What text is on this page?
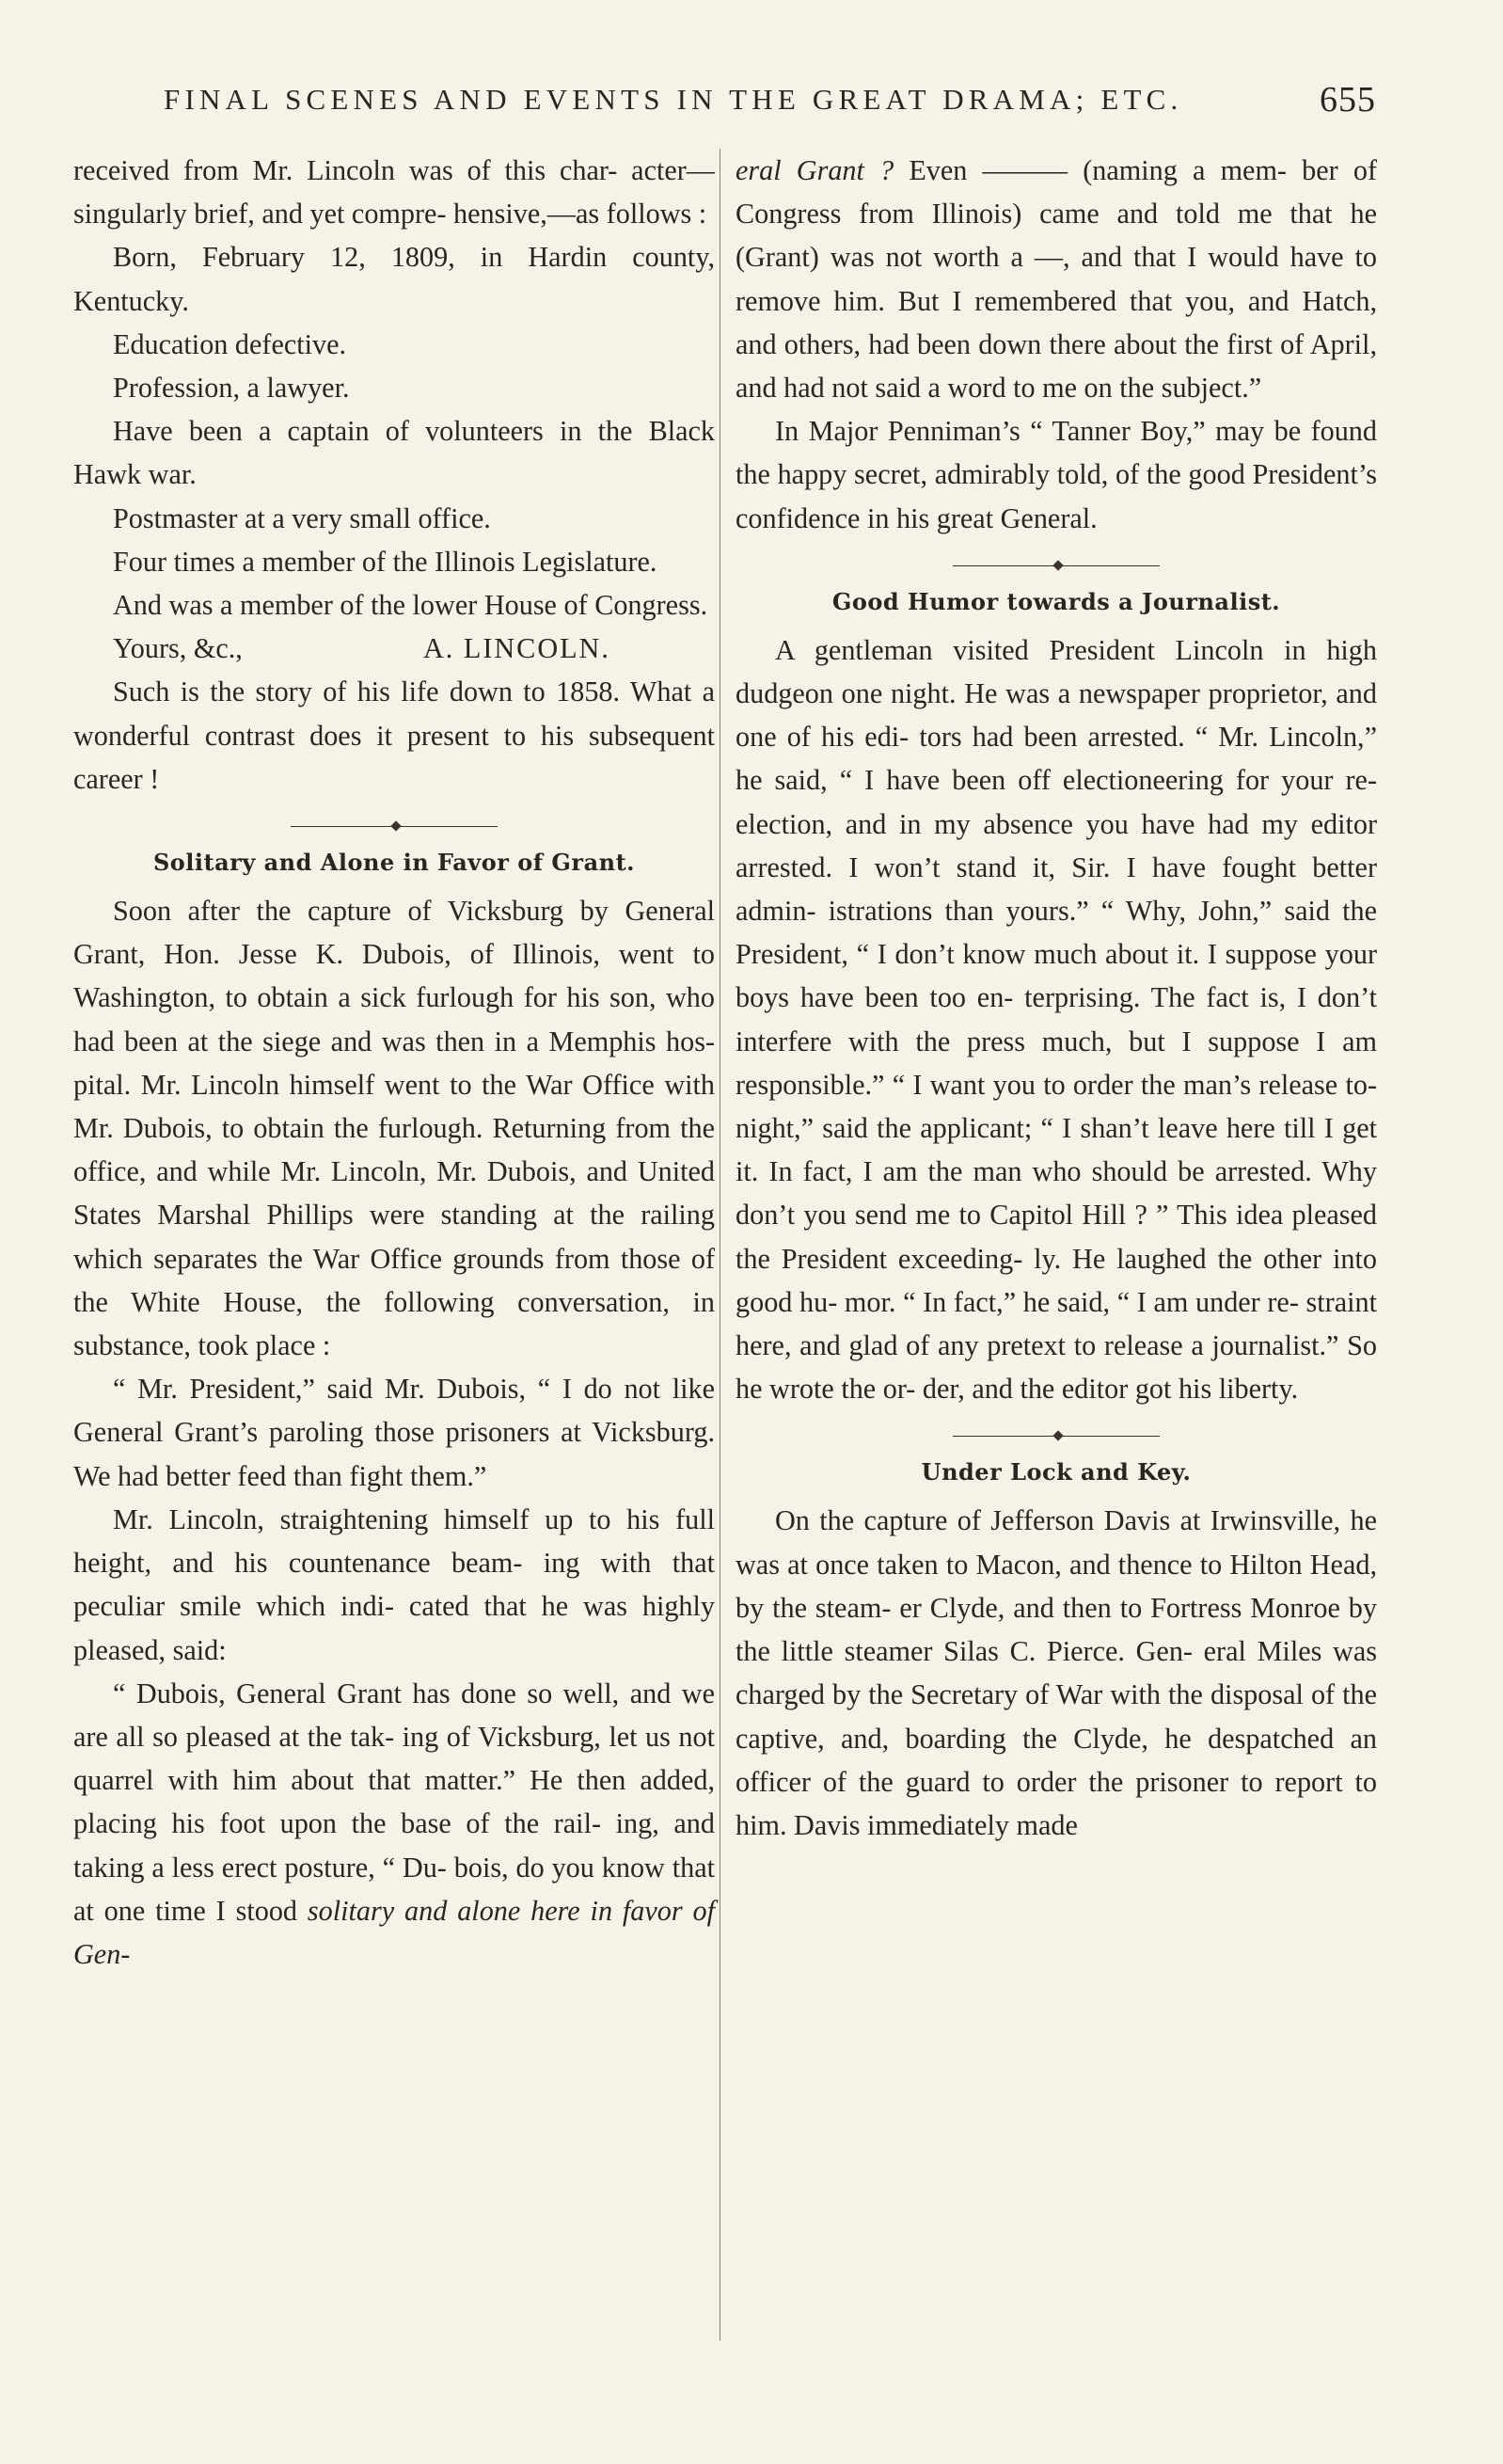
FINAL SCENES AND EVENTS IN THE GREAT DRAMA; ETC.	655

received from Mr. Lincoln was of this char- acter—singularly brief, and yet compre- hensive,—as follows :

Born, February 12, 1809, in Hardin county, Kentucky.

Education defective.

Profession, a lawyer.

Have been a captain of volunteers in the Black Hawk war.

Postmaster at a very small office.

Four times a member of the Illinois Legislature.

And was a member of the lower House of Congress.

Yours, &c.,	A. LINCOLN.

Such is the story of his life down to 1858. What a wonderful contrast does it present to his subsequent career !

Solitary and Alone in Favor of Grant.

Soon after the capture of Vicksburg by General Grant, Hon. Jesse K. Dubois, of Illinois, went to Washington, to obtain a sick furlough for his son, who had been at the siege and was then in a Memphis hos- pital. Mr. Lincoln himself went to the War Office with Mr. Dubois, to obtain the furlough. Returning from the office, and while Mr. Lincoln, Mr. Dubois, and United States Marshal Phillips were standing at the railing which separates the War Office grounds from those of the White House, the following conversation, in substance, took place :

“ Mr. President,” said Mr. Dubois, “ I do not like General Grant’s paroling those prisoners at Vicksburg. We had better feed than fight them.”

Mr. Lincoln, straightening himself up to his full height, and his countenance beam- ing with that peculiar smile which indi- cated that he was highly pleased, said:

“ Dubois, General Grant has done so well, and we are all so pleased at the tak- ing of Vicksburg, let us not quarrel with him about that matter.” He then added, placing his foot upon the base of the rail- ing, and taking a less erect posture, “ Du- bois, do you know that at one time I stood solitary and alone here in favor of Gen-

eral Grant ? Even ——— (naming a mem- ber of Congress from Illinois) came and told me that he (Grant) was not worth a —, and that I would have to remove him. But I remembered that you, and Hatch, and others, had been down there about the first of April, and had not said a word to me on the subject.”

In Major Penniman’s “ Tanner Boy,” may be found the happy secret, admirably told, of the good President’s confidence in his great General.

Good Humor towards a Journalist.

A gentleman visited President Lincoln in high dudgeon one night. He was a newspaper proprietor, and one of his edi- tors had been arrested. “ Mr. Lincoln,” he said, “ I have been off electioneering for your re-election, and in my absence you have had my editor arrested. I won’t stand it, Sir. I have fought better admin- istrations than yours.” “ Why, John,” said the President, “ I don’t know much about it. I suppose your boys have been too en- terprising. The fact is, I don’t interfere with the press much, but I suppose I am responsible.” “ I want you to order the man’s release to-night,” said the applicant; “ I shan’t leave here till I get it. In fact, I am the man who should be arrested. Why don’t you send me to Capitol Hill ? ” This idea pleased the President exceeding- ly. He laughed the other into good hu- mor. “ In fact,” he said, “ I am under re- straint here, and glad of any pretext to release a journalist.” So he wrote the or- der, and the editor got his liberty.

Under Lock and Key.

On the capture of Jefferson Davis at Irwinsville, he was at once taken to Macon, and thence to Hilton Head, by the steam- er Clyde, and then to Fortress Monroe by the little steamer Silas C. Pierce. Gen- eral Miles was charged by the Secretary of War with the disposal of the captive, and, boarding the Clyde, he despatched an officer of the guard to order the prisoner to report to him. Davis immediately made
